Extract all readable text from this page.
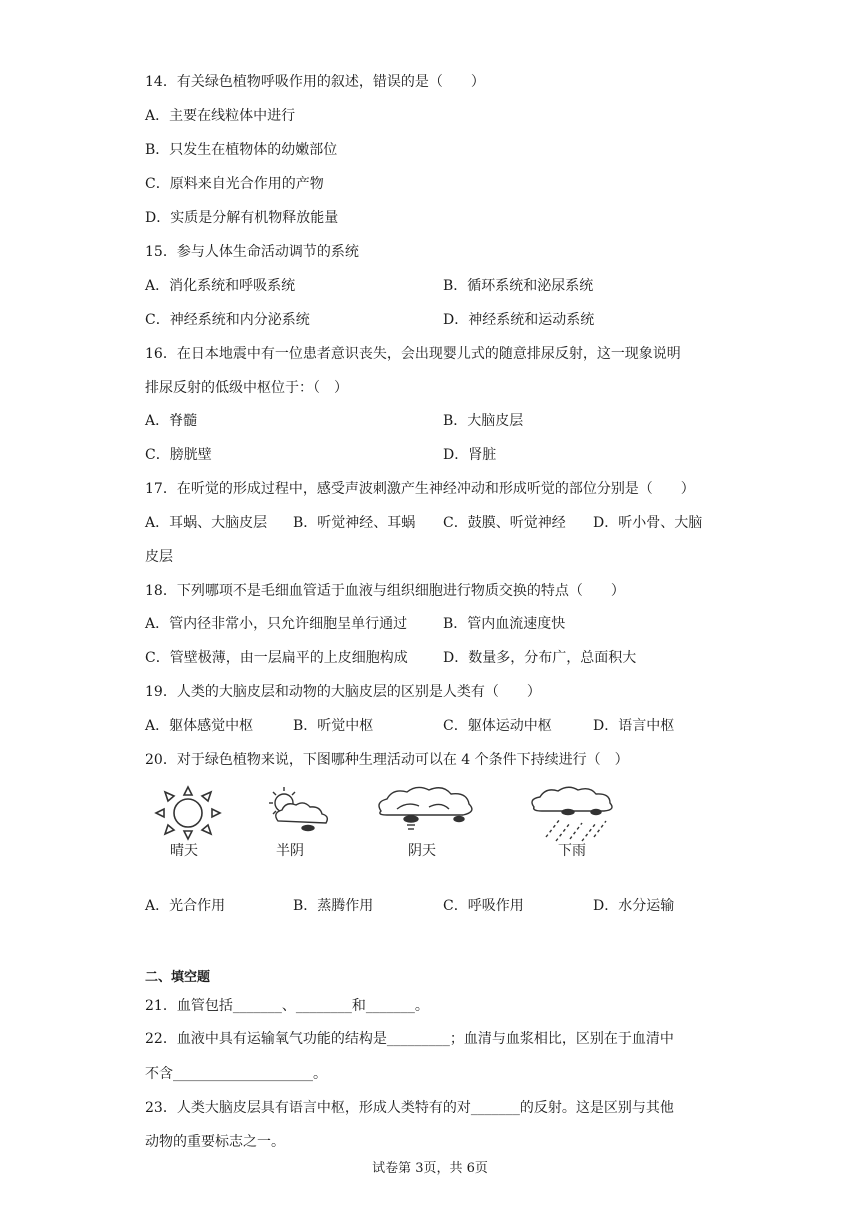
14．有关绿色植物呼吸作用的叙述，错误的是（　　）
A．主要在线粒体中进行
B．只发生在植物体的幼嫩部位
C．原料来自光合作用的产物
D．实质是分解有机物释放能量
15．参与人体生命活动调节的系统
A．消化系统和呼吸系统	B．循环系统和泌尿系统
C．神经系统和内分泌系统	D．神经系统和运动系统
16．在日本地震中有一位患者意识丧失，会出现婴儿式的随意排尿反射，这一现象说明
排尿反射的低级中枢位于：（　）
A．脊髓	B．大脑皮层
C．膀胱壁	D．肾脏
17．在听觉的形成过程中，感受声波刺激产生神经冲动和形成听觉的部位分别是（　　）
A．耳蜗、大脑皮层 B．听觉神经、耳蜗 C．鼓膜、听觉神经 D．听小骨、大脑
皮层
18．下列哪项不是毛细血管适于血液与组织细胞进行物质交换的特点（　　）
A．管内径非常小，只允许细胞呈单行通过	B．管内血流速度快
C．管壁极薄，由一层扁平的上皮细胞构成	D．数量多，分布广，总面积大
19．人类的大脑皮层和动物的大脑皮层的区别是人类有（　　）
A．躯体感觉中枢	B．听觉中枢	C．躯体运动中枢	D．语言中枢
20．对于绿色植物来说，下图哪种生理活动可以在 4 个条件下持续进行（　）
晴天	半阴	阴天	下雨
A．光合作用	B．蒸腾作用	C．呼吸作用	D．水分运输
二、填空题
21．血管包括_______、________和_______。
22．血液中具有运输氧气功能的结构是_________；血清与血浆相比，区别在于血清中
不含____________________。
23．人类大脑皮层具有语言中枢，形成人类特有的对_______的反射。这是区别与其他
动物的重要标志之一。
试卷第 3页，共 6页
